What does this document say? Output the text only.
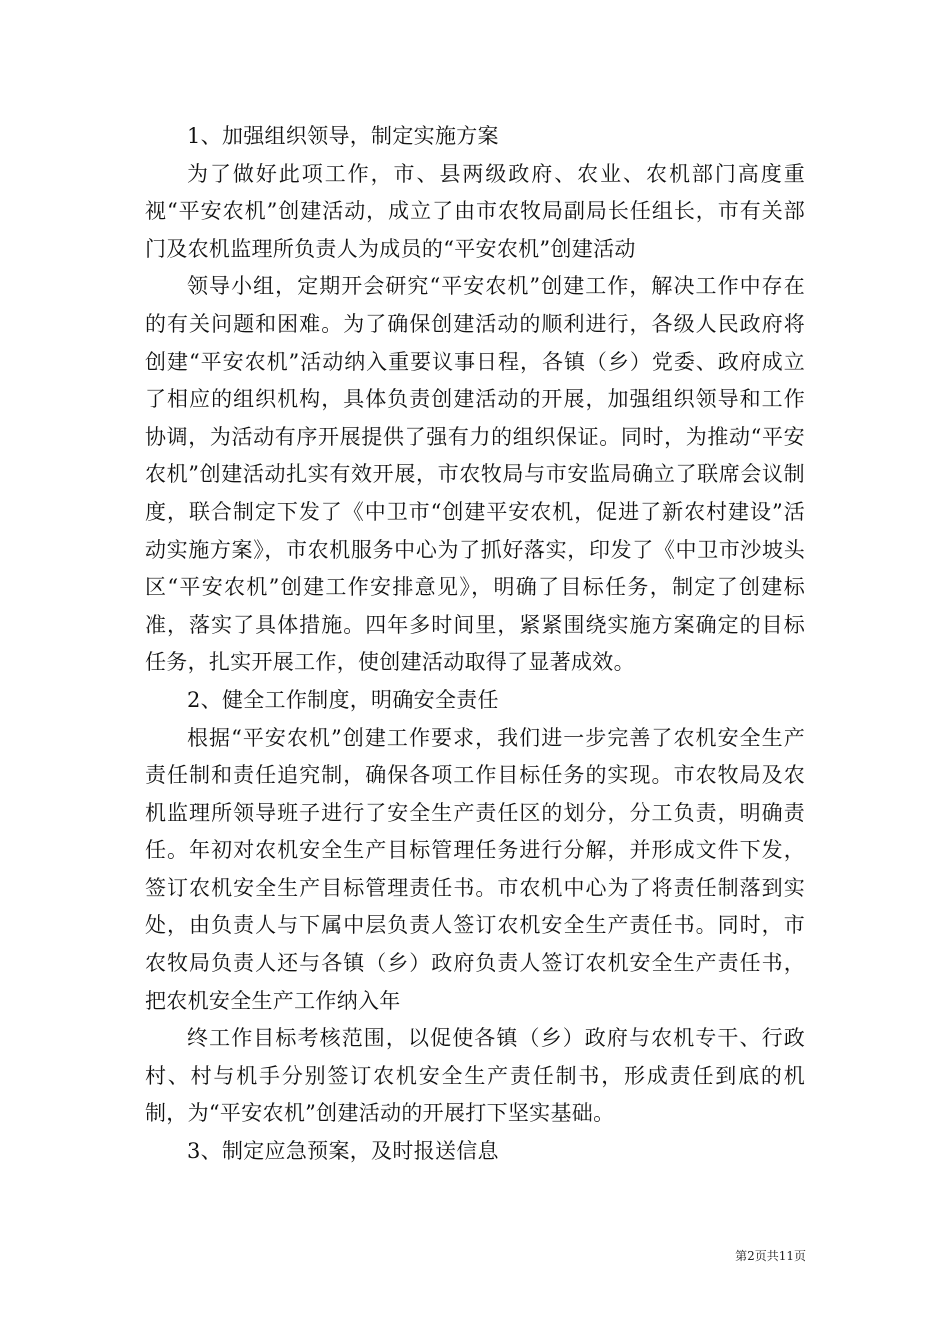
1、加强组织领导，制定实施方案

为了做好此项工作，市、县两级政府、农业、农机部门高度重视“平安农机”创建活动，成立了由市农牧局副局长任组长，市有关部门及农机监理所负责人为成员的“平安农机”创建活动

领导小组，定期开会研究“平安农机”创建工作，解决工作中存在的有关问题和困难。为了确保创建活动的顺利进行，各级人民政府将创建“平安农机”活动纳入重要议事日程，各镇（乡）党委、政府成立了相应的组织机构，具体负责创建活动的开展，加强组织领导和工作协调，为活动有序开展提供了强有力的组织保证。同时，为推动“平安农机”创建活动扎实有效开展，市农牧局与市安监局确立了联席会议制度，联合制定下发了《中卫市“创建平安农机，促进了新农村建设”活动实施方案》，市农机服务中心为了抓好落实，印发了《中卫市沙坡头区“平安农机”创建工作安排意见》，明确了目标任务，制定了创建标准，落实了具体措施。四年多时间里，紧紧围绕实施方案确定的目标任务，扎实开展工作，使创建活动取得了显著成效。

2、健全工作制度，明确安全责任

根据“平安农机”创建工作要求，我们进一步完善了农机安全生产责任制和责任追究制，确保各项工作目标任务的实现。市农牧局及农机监理所领导班子进行了安全生产责任区的划分，分工负责，明确责任。年初对农机安全生产目标管理任务进行分解，并形成文件下发，签订农机安全生产目标管理责任书。市农机中心为了将责任制落到实处，由负责人与下属中层负责人签订农机安全生产责任书。同时，市农牧局负责人还与各镇（乡）政府负责人签订农机安全生产责任书，把农机安全生产工作纳入年

终工作目标考核范围，以促使各镇（乡）政府与农机专干、行政村、村与机手分别签订农机安全生产责任制书，形成责任到底的机制，为“平安农机”创建活动的开展打下坚实基础。

3、制定应急预案，及时报送信息

第2页共11页
